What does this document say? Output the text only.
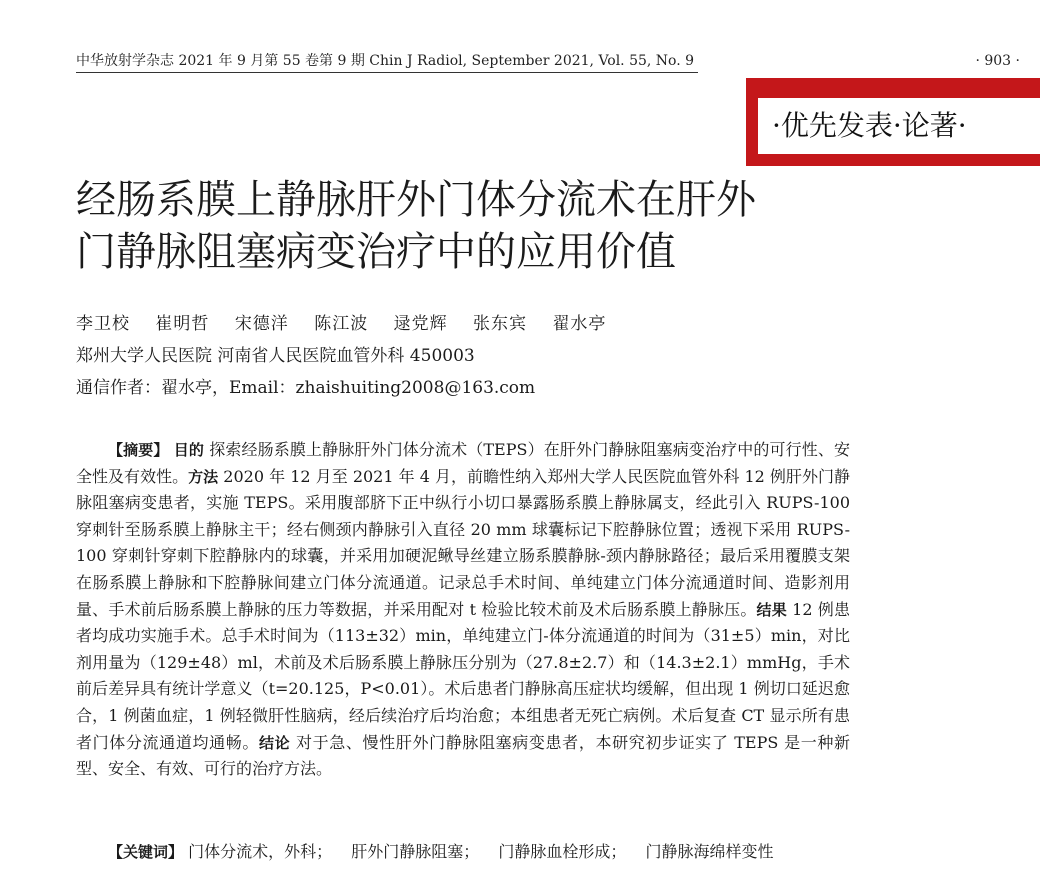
中华放射学杂志 2021 年 9 月第 55 卷第 9 期 Chin J Radiol, September 2021, Vol. 55, No. 9	· 903 ·
·优先发表·论著·
经肠系膜上静脉肝外门体分流术在肝外
门静脉阻塞病变治疗中的应用价值
李卫校 崔明哲 宋德洋 陈江波 逯党辉 张东宾 翟水亭
郑州大学人民医院 河南省人民医院血管外科 450003
通信作者：翟水亭，Email：zhaishuiting2008@163.com

【摘要】 目的 探索经肠系膜上静脉肝外门体分流术（TEPS）在肝外门静脉阻塞病变治疗中的可行性、安全性及有效性。方法 2020 年 12 月至 2021 年 4 月，前瞻性纳入郑州大学人民医院血管外科 12 例肝外门静脉阻塞病变患者，实施 TEPS。采用腹部脐下正中纵行小切口暴露肠系膜上静脉属支，经此引入 RUPS-100 穿刺针至肠系膜上静脉主干；经右侧颈内静脉引入直径 20 mm 球囊标记下腔静脉位置；透视下采用 RUPS-100 穿刺针穿刺下腔静脉内的球囊，并采用加硬泥鳅导丝建立肠系膜静脉-颈内静脉路径；最后采用覆膜支架在肠系膜上静脉和下腔静脉间建立门体分流通道。记录总手术时间、单纯建立门体分流通道时间、造影剂用量、手术前后肠系膜上静脉的压力等数据，并采用配对 t 检验比较术前及术后肠系膜上静脉压。结果 12 例患者均成功实施手术。总手术时间为（113±32）min，单纯建立门-体分流通道的时间为（31±5）min，对比剂用量为（129±48）ml，术前及术后肠系膜上静脉压分别为（27.8±2.7）和（14.3±2.1）mmHg，手术前后差异具有统计学意义（t=20.125，P<0.01）。术后患者门静脉高压症状均缓解，但出现 1 例切口延迟愈合，1 例菌血症，1 例轻微肝性脑病，经后续治疗后均治愈；本组患者无死亡病例。术后复查 CT 显示所有患者门体分流通道均通畅。结论 对于急、慢性肝外门静脉阻塞病变患者，本研究初步证实了 TEPS 是一种新型、安全、有效、可行的治疗方法。

【关键词】 门体分流术，外科； 肝外门静脉阻塞； 门静脉血栓形成； 门静脉海绵样变性
